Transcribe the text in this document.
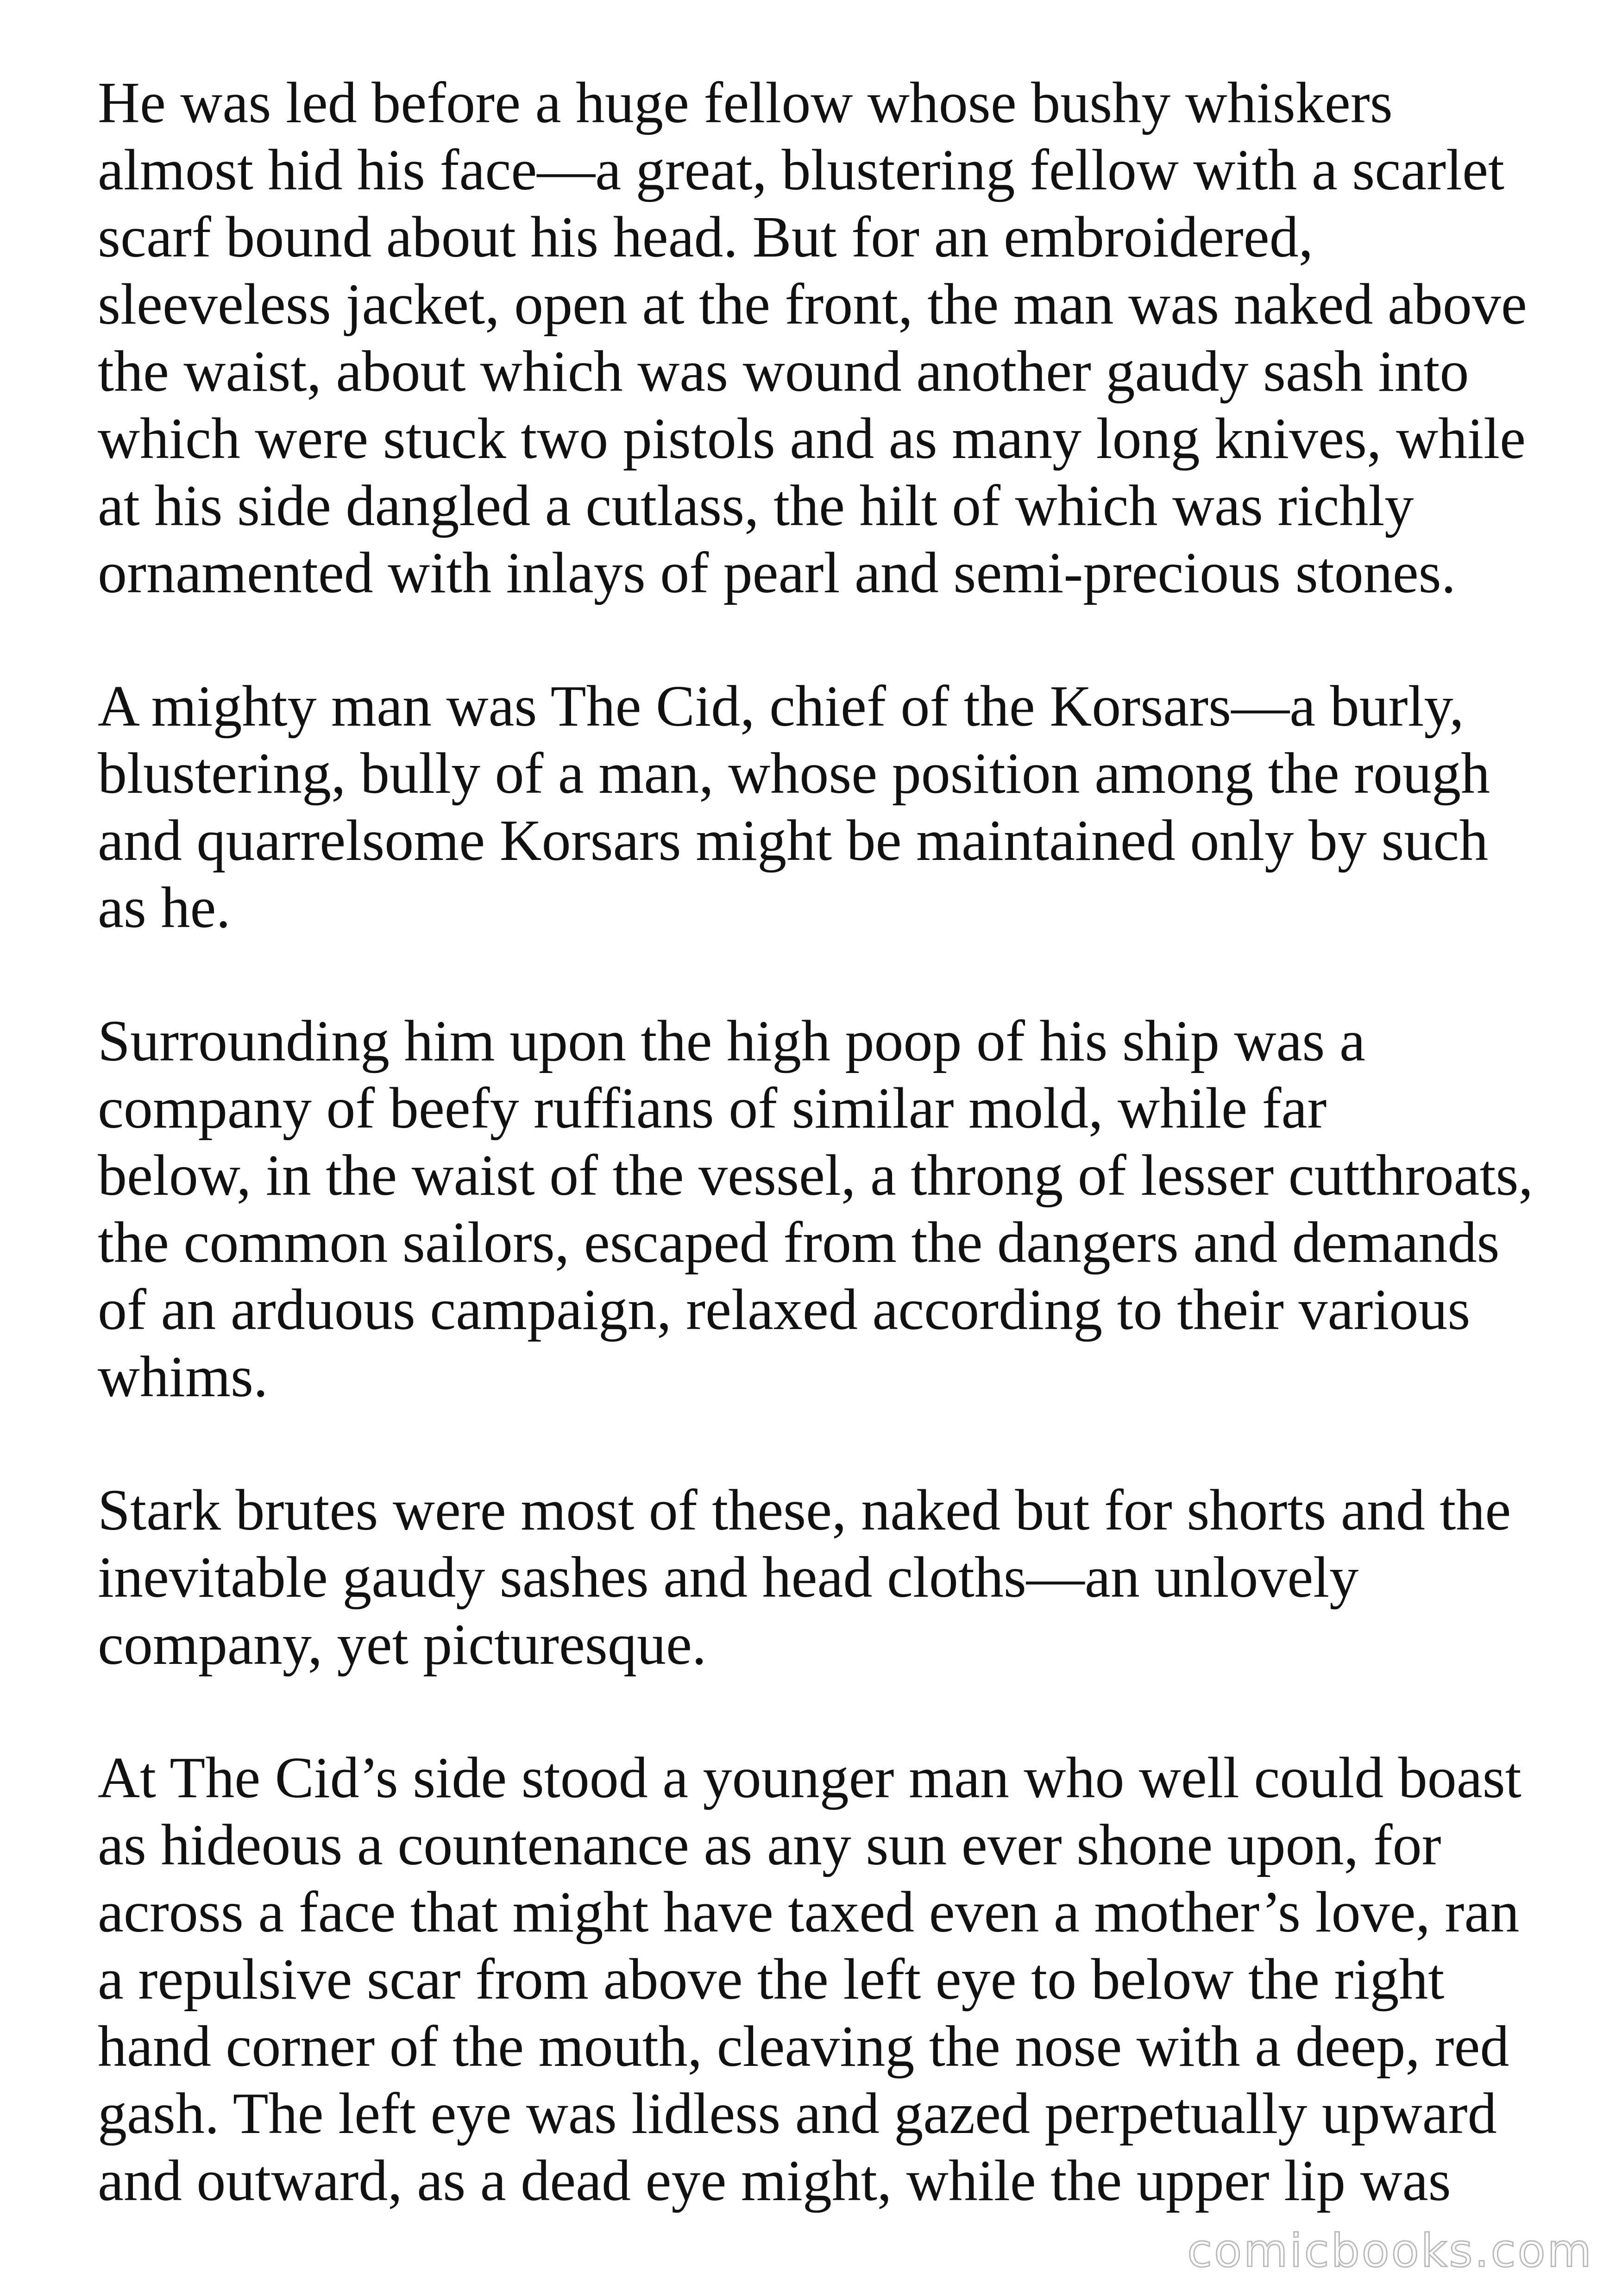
He was led before a huge fellow whose bushy whiskers
almost hid his face—a great, blustering fellow with a scarlet
scarf bound about his head. But for an embroidered,
sleeveless jacket, open at the front, the man was naked above
the waist, about which was wound another gaudy sash into
which were stuck two pistols and as many long knives, while
at his side dangled a cutlass, the hilt of which was richly
ornamented with inlays of pearl and semi-precious stones.

A mighty man was The Cid, chief of the Korsars—a burly,
blustering, bully of a man, whose position among the rough
and quarrelsome Korsars might be maintained only by such
as he.

Surrounding him upon the high poop of his ship was a
company of beefy ruffians of similar mold, while far
below, in the waist of the vessel, a throng of lesser cutthroats,
the common sailors, escaped from the dangers and demands
of an arduous campaign, relaxed according to their various
whims.

Stark brutes were most of these, naked but for shorts and the
inevitable gaudy sashes and head cloths—an unlovely
company, yet picturesque.

At The Cid’s side stood a younger man who well could boast
as hideous a countenance as any sun ever shone upon, for
across a face that might have taxed even a mother’s love, ran
a repulsive scar from above the left eye to below the right
hand corner of the mouth, cleaving the nose with a deep, red
gash. The left eye was lidless and gazed perpetually upward
and outward, as a dead eye might, while the upper lip was

comicbooks.com
